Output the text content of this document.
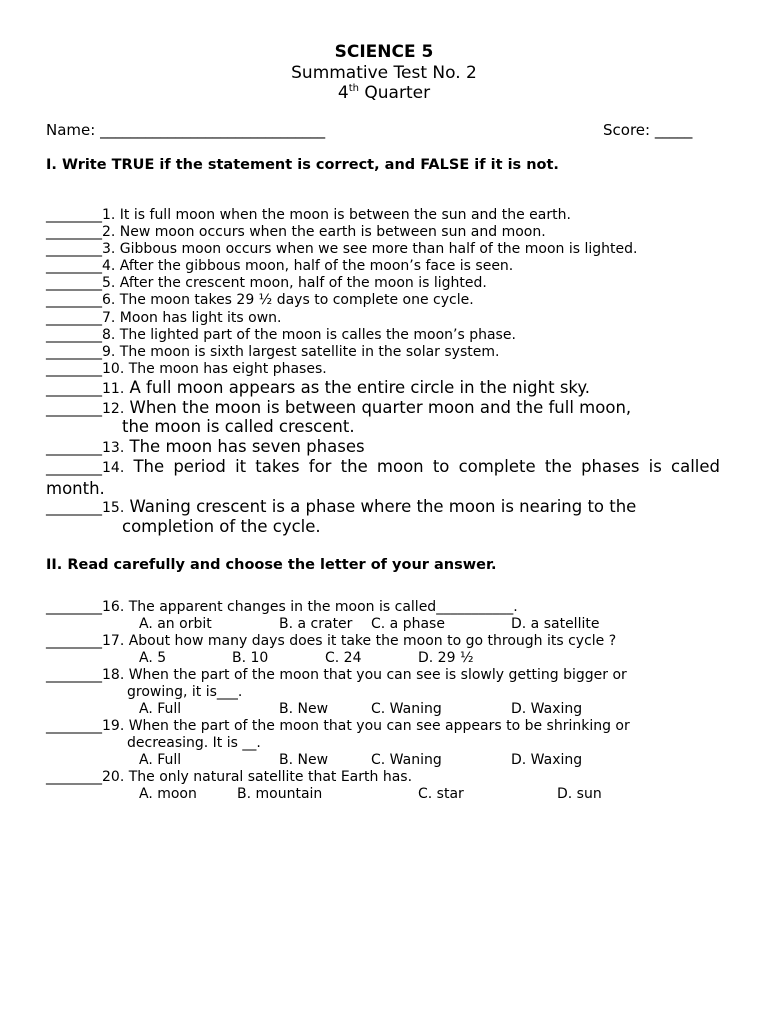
SCIENCE 5
Summative Test No. 2
4th Quarter
Name: ______________________________	Score: _____
I. Write TRUE if the statement is correct, and FALSE if it is not.
________1. It is full moon when the moon is between the sun and the earth.
________2. New moon occurs when the earth is between sun and moon.
________3. Gibbous moon occurs when we see more than half of the moon is lighted.
________4. After the gibbous moon, half of the moon’s face is seen.
________5. After the crescent moon, half of the moon is lighted.
________6. The moon takes 29 ½ days to complete one cycle.
________7. Moon has light its own.
________8. The lighted part of the moon is calles the moon’s phase.
________9. The moon is sixth largest satellite in the solar system.
________10. The moon has eight phases.
________11. A full moon appears as the entire circle in the night sky.
________12. When the moon is between quarter moon and the full moon,
the moon is called crescent.
________13. The moon has seven phases
________14. The period it takes for the moon to complete the phases is called month.
________15. Waning crescent is a phase where the moon is nearing to the
completion of the cycle.
II. Read carefully and choose the letter of your answer.
________16. The apparent changes in the moon is called___________.
A. an orbit	B. a crater C. a phase	D. a satellite
________17. About how many days does it take the moon to go through its cycle ?
A. 5	B. 10	C. 24	D. 29 ½
________18. When the part of the moon that you can see is slowly getting bigger or
growing, it is___.
A. Full	B. New	C. Waning	D. Waxing
________19. When the part of the moon that you can see appears to be shrinking or
decreasing. It is __.
A. Full	B. New	C. Waning	D. Waxing
________20. The only natural satellite that Earth has.
A. moon	B. mountain	C. star	D. sun
